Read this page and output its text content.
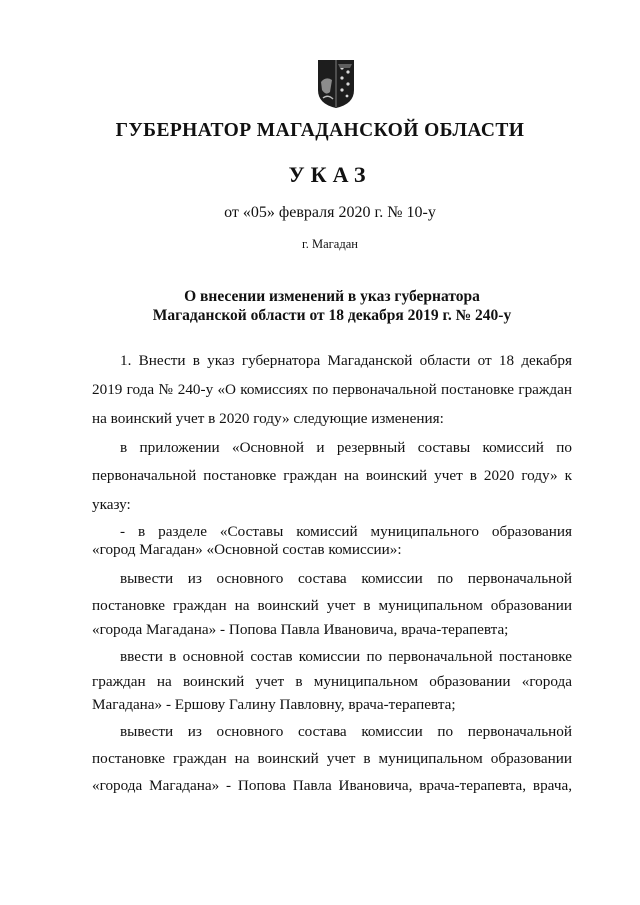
ГУБЕРНАТОР МАГАДАНСКОЙ ОБЛАСТИ
УКАЗ
от «05» февраля 2020 г. № 10-у
г. Магадан
О внесении изменений в указ губернатора
Магаданской области от 18 декабря 2019 г. № 240-у
1. Внести в указ губернатора Магаданской области от 18 декабря
2019 года № 240-у «О комиссиях по первоначальной постановке граждан
на воинский учет в 2020 году» следующие изменения:
в приложении «Основной и резервный составы комиссий по
первоначальной постановке граждан на воинский учет в 2020 году» к
указу:
- в разделе «Составы комиссий муниципального образования
«город Магадан» «Основной состав комиссии»:
вывести из основного состава комиссии по первоначальной
постановке граждан на воинский учет в муниципальном образовании
«города Магадана» - Попова Павла Ивановича, врача-терапевта;
ввести в основной состав комиссии по первоначальной постановке
граждан на воинский учет в муниципальном образовании «города
Магадана» - Ершову Галину Павловну, врача-терапевта;
вывести из основного состава комиссии по первоначальной
постановке граждан на воинский учет в муниципальном образовании
«города Магадана» - Попова Павла Ивановича, врача-терапевта, врача,
